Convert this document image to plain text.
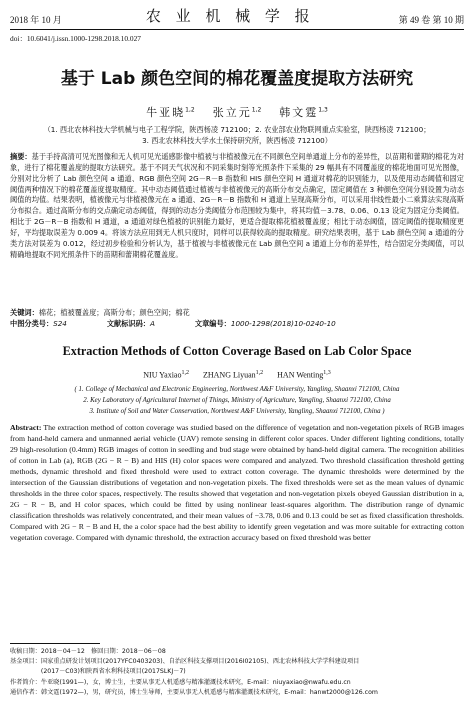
2018 年 10 月	农 业 机 械 学 报	第 49 卷 第 10 期
doi：10.6041/j.issn.1000-1298.2018.10.027
基于 Lab 颜色空间的棉花覆盖度提取方法研究
牛亚晓$^{1,2}$ 张立元$^{1,2}$ 韩文霆$^{1,3}$
（1. 西北农林科技大学机械与电子工程学院，陕西杨凌 712100；2. 农业部农业物联网重点实验室，陕西杨凌 712100；
3. 西北农林科技大学水土保持研究所，陕西杨凌 712100）
摘要：基于手持高清可见光图像和无人机可见光遥感影像中植被与非植被像元在不同颜色空间单通道上分布的差异性，以苗期和蕾期的棉花为对象，进行了棉花覆盖度的提取方法研究。基于不同天气状况和不同采集时刻等光照条件下采集的 29 幅具有不同覆盖度的棉花地面可见光图像，分别对比分析了 Lab 颜色空间 a 通道、RGB 颜色空间 2G－R－B 指数和 HIS 颜色空间 H 通道对棉花的识别能力，以及使用动态阈值和固定阈值两种情况下的棉花覆盖度提取精度。其中动态阈值通过植被与非植被像元的高斯分布交点确定，固定阈值在 3 种颜色空间分别设置为动态阈值的均值。结果表明，植被像元与非植被像元在 a 通道、2G－R－B 指数和 H 通道上呈现高斯分布，可以采用非线性最小二乘算法实现高斯分布拟合。通过高斯分布的交点确定动态阈值，得到的动态分类阈值分布范围较为集中，将其均值－3.78、0.06、0.13 设定为固定分类阈值。相比于 2G－R－B 指数和 H 通道，a 通道对绿色植被的识别能力最好，更适合提取棉花植被覆盖度；相比于动态阈值，固定阈值的提取精度更好，平均提取误差为 0.009 4。将该方法应用到无人机只度时，同样可以获得较高的提取精度。研究结果表明，基于 Lab 颜色空间 a 通道的分类方法对误差为 0.012，经过初步检验和分析认为，基于植被与非植被像元在 Lab 颜色空间 a 通道上分布的差异性，结合固定分类阈值，可以精确地提取不同光照条件下的苗期和蕾期棉花覆盖度。
关键词：棉花；植被覆盖度；高斯分布；颜色空间；棉花
中图分类号：S24	文献标识码：A	文章编号：1000-1298(2018)10-0240-10
Extraction Methods of Cotton Coverage Based on Lab Color Space
NIU Yaxiao$^{1,2}$ ZHANG Liyuan$^{1,2}$ HAN Wenting$^{1,3}$
( 1. College of Mechanical and Electronic Engineering, Northwest A&F University, Yangling, Shaanxi 712100, China
2. Key Laboratory of Agricultural Internet of Things, Ministry of Agriculture, Yangling, Shaanxi 712100, China
3. Institute of Soil and Water Conservation, Northwest A&F University, Yangling, Shaanxi 712100, China )
Abstract: The extraction method of cotton coverage was studied based on the difference of vegetation and non-vegetation pixels of RGB images from hand-held camera and unmanned aerial vehicle (UAV) remote sensing in different color spaces. Under different lighting conditions, totally 29 high-resolution (0.4mm) RGB images of cotton in seedling and bud stage were obtained by hand-held digital camera. The recognition abilities of cotton in Lab (a), RGB (2G − R − B) and HIS (H) color spaces were compared and analyzed. Two threshold classification threshold getting methods, dynamic threshold and fixed threshold were used to extract cotton coverage. The dynamic thresholds were determined by the intersection of the Gaussian distributions of vegetation and non-vegetation pixels. The fixed thresholds were set as the mean values of dynamic thresholds in the three color spaces, respectively. The results showed that vegetation and non-vegetation pixels obeyed Gaussian distribution in a, 2G − R − B, and H color spaces, which could be fitted by using nonlinear least-squares algorithm. The distribution range of dynamic classification thresholds was relatively concentrated, and their mean values of −3.78, 0.06 and 0.13 could be set as fixed classification thresholds. Compared with 2G − R − B and H, the a color space had the best ability to identify green vegetation and was more suitable for extracting cotton vegetation coverage. Compared with dynamic threshold, the extraction accuracy based on fixed threshold was better
收稿日期：2018－04－12　修回日期：2018－06－08
基金项目：国家重点研发计划项目(2017YFC0403203)、自治区科技支撑项目(2016I02105)、西北农林科技大学学科建设项目
　　　　　(2017－C03)和陕西省水利科技项目(2017SLKJ－7)
作者简介：牛亚晓(1991—)，女，博士生，主要从事无人机遥感与精准灌溉技术研究，E-mail：niuyaxiao@nwafu.edu.cn
通信作者：韩文霆(1972—)，男，研究员，博士生导师，主要从事无人机遥感与精准灌溉技术研究，E-mail：hanwt2000@126.com
